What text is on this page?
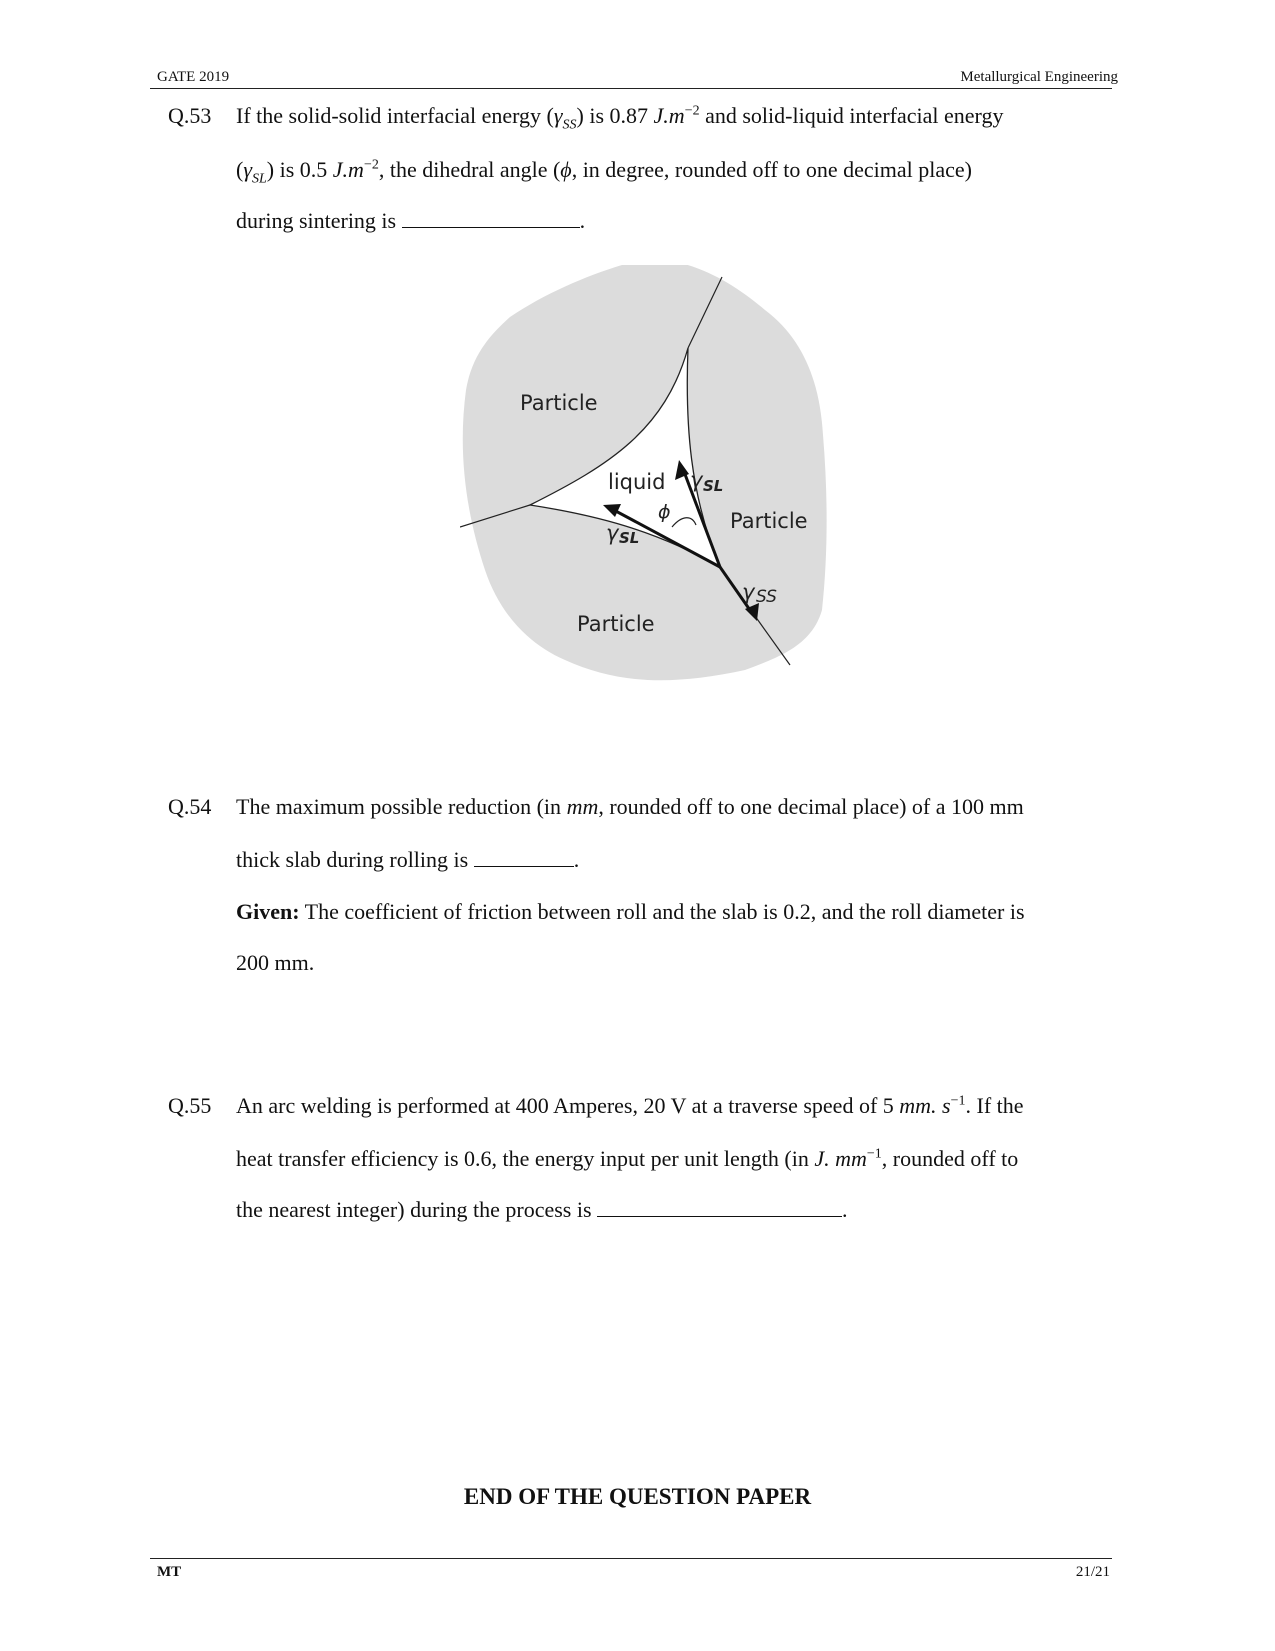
GATE 2019	Metallurgical Engineering
Q.53 If the solid-solid interfacial energy $(\gamma_{SS})$ is 0.87 $J.m^{-2}$ and solid-liquid interfacial energy
$(\gamma_{SL})$ is 0.5 $J.m^{-2}$, the dihedral angle (ϕ, in degree, rounded off to one decimal place)
during sintering is	.
Particle
Particle
Particle
liquid
ϕ
γ SL
γ SL
γ SS
Q.54 The maximum possible reduction (in mm, rounded off to one decimal place) of a 100 mm
thick slab during rolling is	.
Given: The coefficient of friction between roll and the slab is 0.2, and the roll diameter is
200 mm.
Q.55 An arc welding is performed at 400 Amperes, 20 V at a traverse speed of 5 mm. $s^{-1}$. If the
heat transfer efficiency is 0.6, the energy input per unit length (in J. $mm^{-1}$, rounded off to
the nearest integer) during the process is	.
END OF THE QUESTION PAPER
MT	21/21
